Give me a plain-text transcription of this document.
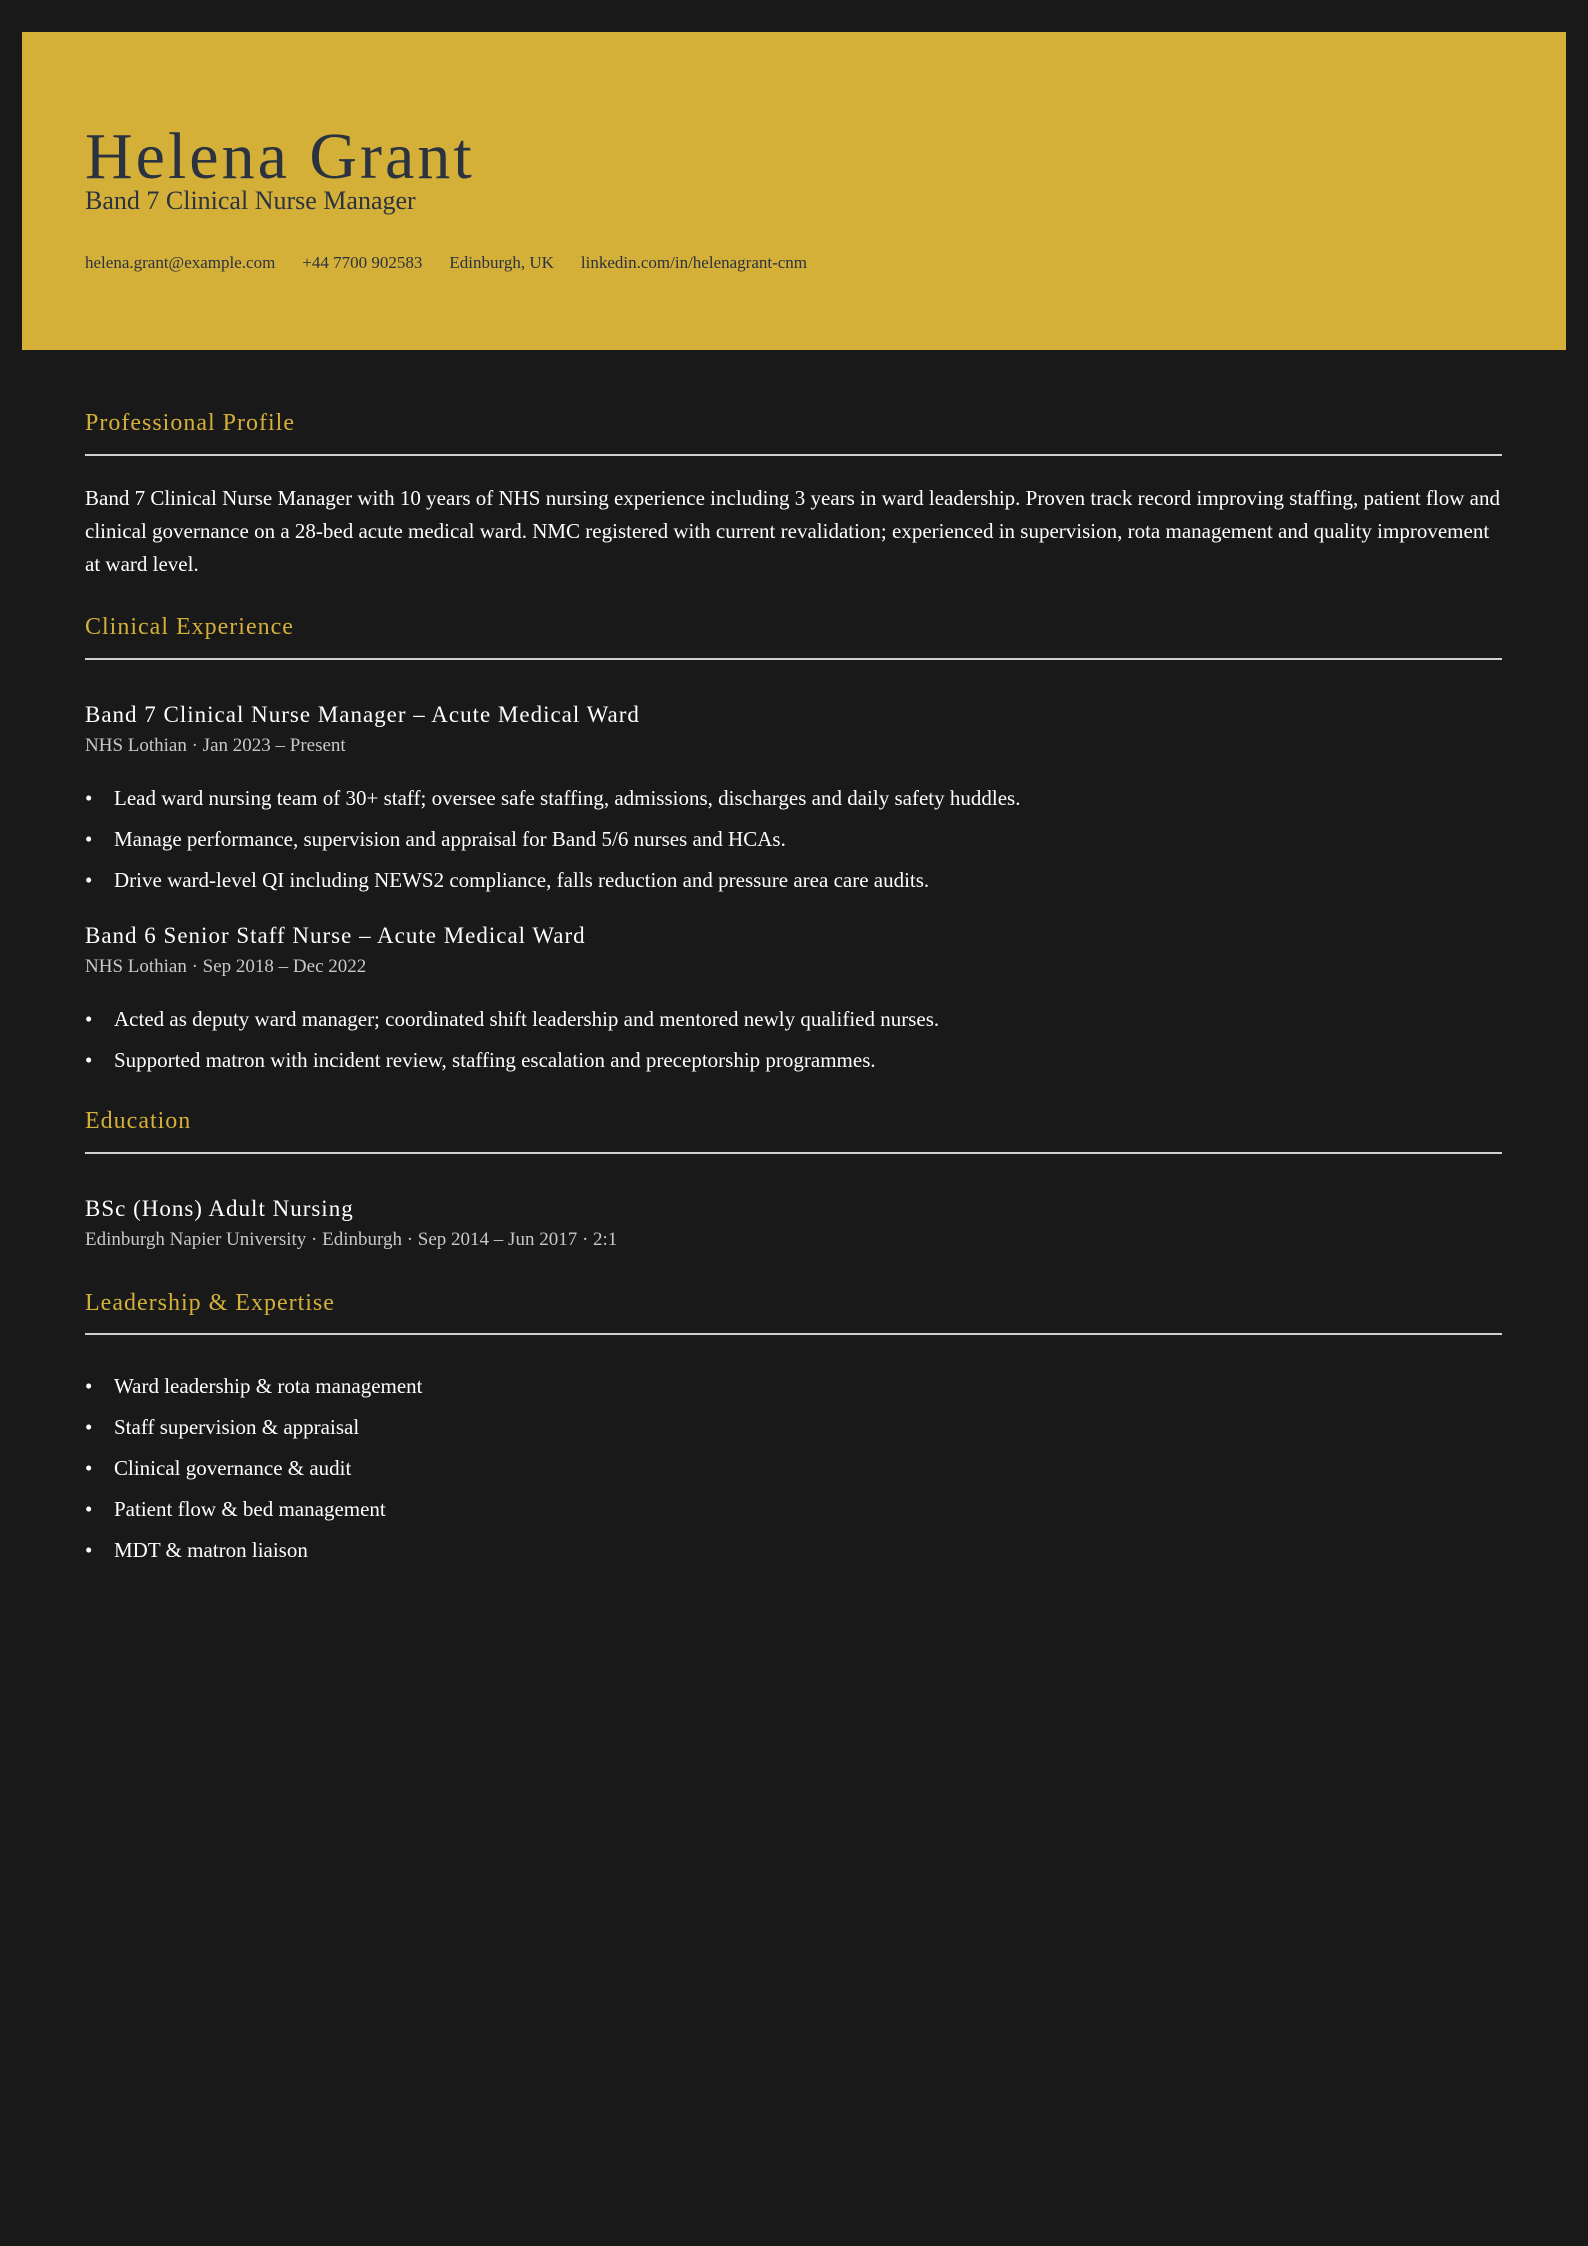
Helena Grant
Band 7 Clinical Nurse Manager
helena.grant@example.com +44 7700 902583 Edinburgh, UK linkedin.com/in/helenagrant-cnm
Professional Profile
Band 7 Clinical Nurse Manager with 10 years of NHS nursing experience including 3 years in ward leadership. Proven track record improving staffing, patient flow and clinical governance on a 28-bed acute medical ward. NMC registered with current revalidation; experienced in supervision, rota management and quality improvement at ward level.
Clinical Experience
Band 7 Clinical Nurse Manager – Acute Medical Ward
NHS Lothian · Jan 2023 – Present
• Lead ward nursing team of 30+ staff; oversee safe staffing, admissions, discharges and daily safety huddles.
• Manage performance, supervision and appraisal for Band 5/6 nurses and HCAs.
• Drive ward-level QI including NEWS2 compliance, falls reduction and pressure area care audits.
Band 6 Senior Staff Nurse – Acute Medical Ward
NHS Lothian · Sep 2018 – Dec 2022
• Acted as deputy ward manager; coordinated shift leadership and mentored newly qualified nurses.
• Supported matron with incident review, staffing escalation and preceptorship programmes.
Education
BSc (Hons) Adult Nursing
Edinburgh Napier University · Edinburgh · Sep 2014 – Jun 2017 · 2:1
Leadership & Expertise
• Ward leadership & rota management
• Staff supervision & appraisal
• Clinical governance & audit
• Patient flow & bed management
• MDT & matron liaison
